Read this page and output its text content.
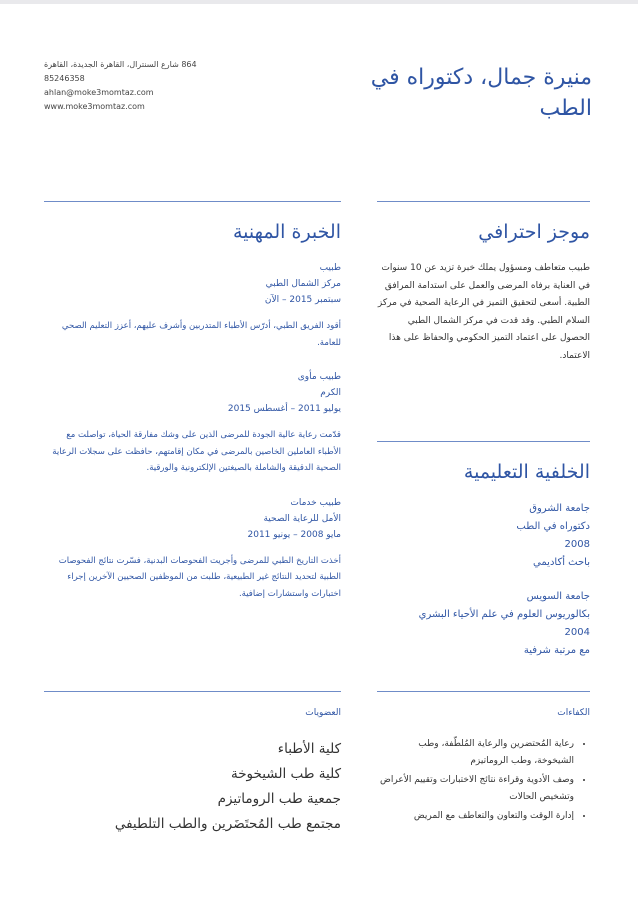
منيرة جمال، دكتوراه في الطب
864 شارع السنترال، القاهرة الجديدة، القاهرة
85246358
ahlan@moke3momtaz.com
www.moke3momtaz.com
موجز احترافي
طبيب متعاطف ومسؤول يملك خبرة تزيد عن 10 سنوات في العناية برفاه المرضى والعمل على استدامة المرافق الطبية. أسعى لتحقيق التميز في الرعاية الصحية في مركز السلام الطبي. وقد قدت في مركز الشمال الطبي الحصول على اعتماد التميز الحكومي والحفاظ على هذا الاعتماد.
الخبرة المهنية
طبيب
مركز الشمال الطبي
سبتمبر 2015 – الآن
أقود الفريق الطبي، أدرّس الأطباء المتدربين وأشرف عليهم، أعزز التعليم الصحي للعامة.
طبيب مأوى
الكرم
يوليو 2011 – أغسطس 2015
قدّمت رعاية عالية الجودة للمرضى الذين على وشك مفارقة الحياة، تواصلت مع الأطباء العاملين الخاصين بالمرضى في مكان إقامتهم، حافظت على سجلات الرعاية الصحية الدقيقة والشاملة بالصيغتين الإلكترونية والورقية.
طبيب خدمات
الأمل للرعاية الصحية
مايو 2008 – يونيو 2011
أخذت التاريخ الطبي للمرضى وأجريت الفحوصات البدنية، فسّرت نتائج الفحوصات الطبية لتحديد النتائج غير الطبيعية، طلبت من الموظفين الصحيين الآخرين إجراء اختبارات واستشارات إضافية.
الخلفية التعليمية
جامعة الشروق
دكتوراه في الطب
2008
باحث أكاديمي
جامعة السويس
بكالوريوس العلوم في علم الأحياء البشري
2004
مع مرتبة شرفية
الكفاءات
• رعاية المُحتضرين والرعاية المُلطّفة، وطب الشيخوخة، وطب الروماتيزم
• وصف الأدوية وقراءة نتائج الاختبارات وتقييم الأعراض وتشخيص الحالات
• إدارة الوقت والتعاون والتعاطف مع المريض
العضويات
كلية الأطباء
كلية طب الشيخوخة
جمعية طب الروماتيزم
مجتمع طب المُحتَضَرين والطب التلطيفي
